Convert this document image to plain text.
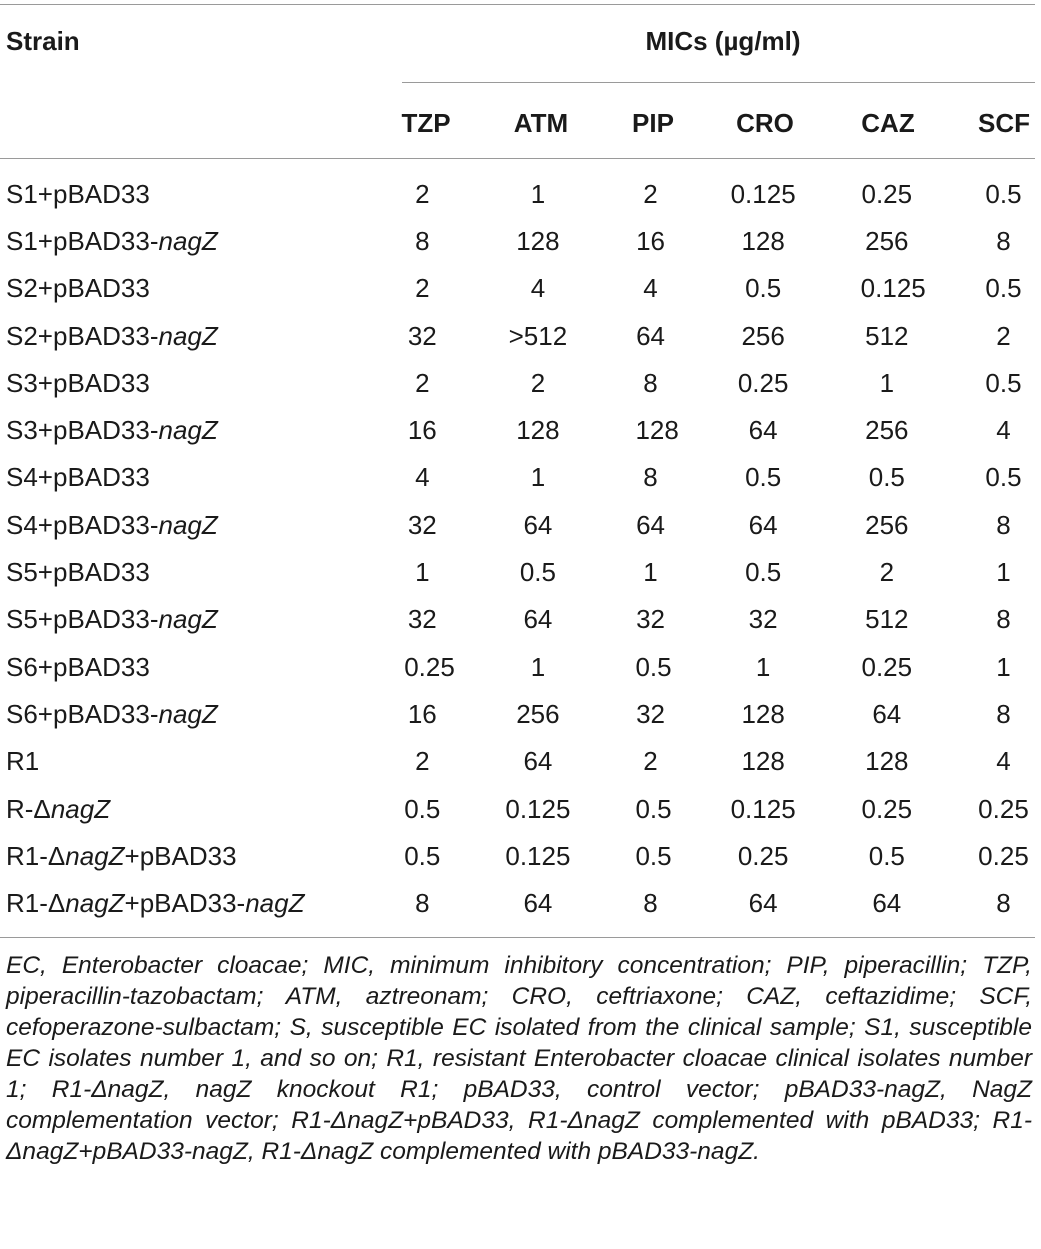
Strain	MICs (µg/ml)
TZP	ATM	PIP	CRO	CAZ	SCF
S1+pBAD33	2	1	2	0.125	0.25	0.5
S1+pBAD33-nagZ	8	128	16	128	256	8
S2+pBAD33	2	4	4	0.5	0.125	0.5
S2+pBAD33-nagZ	32	>512	64	256	512	2
S3+pBAD33	2	2	8	0.25	1	0.5
S3+pBAD33-nagZ	16	128	128	64	256	4
S4+pBAD33	4	1	8	0.5	0.5	0.5
S4+pBAD33-nagZ	32	64	64	64	256	8
S5+pBAD33	1	0.5	1	0.5	2	1
S5+pBAD33-nagZ	32	64	32	32	512	8
S6+pBAD33	0.25	1	0.5	1	0.25	1
S6+pBAD33-nagZ	16	256	32	128	64	8
R1	2	64	2	128	128	4
R-ΔnagZ	0.5	0.125	0.5	0.125	0.25	0.25
R1-ΔnagZ+pBAD33	0.5	0.125	0.5	0.25	0.5	0.25
R1-ΔnagZ+pBAD33-nagZ	8	64	8	64	64	8
EC, Enterobacter cloacae; MIC, minimum inhibitory concentration; PIP, piperacillin; TZP, piperacillin-tazobactam; ATM, aztreonam; CRO, ceftriaxone; CAZ, ceftazidime; SCF, cefoperazone-sulbactam; S, susceptible EC isolated from the clinical sample; S1, susceptible EC isolates number 1, and so on; R1, resistant Enterobacter cloacae clinical isolates number 1; R1-ΔnagZ, nagZ knockout R1; pBAD33, control vector; pBAD33-nagZ, NagZ complementation vector; R1-ΔnagZ+pBAD33, R1-ΔnagZ complemented with pBAD33; R1-ΔnagZ+pBAD33-nagZ, R1-ΔnagZ complemented with pBAD33-nagZ.
